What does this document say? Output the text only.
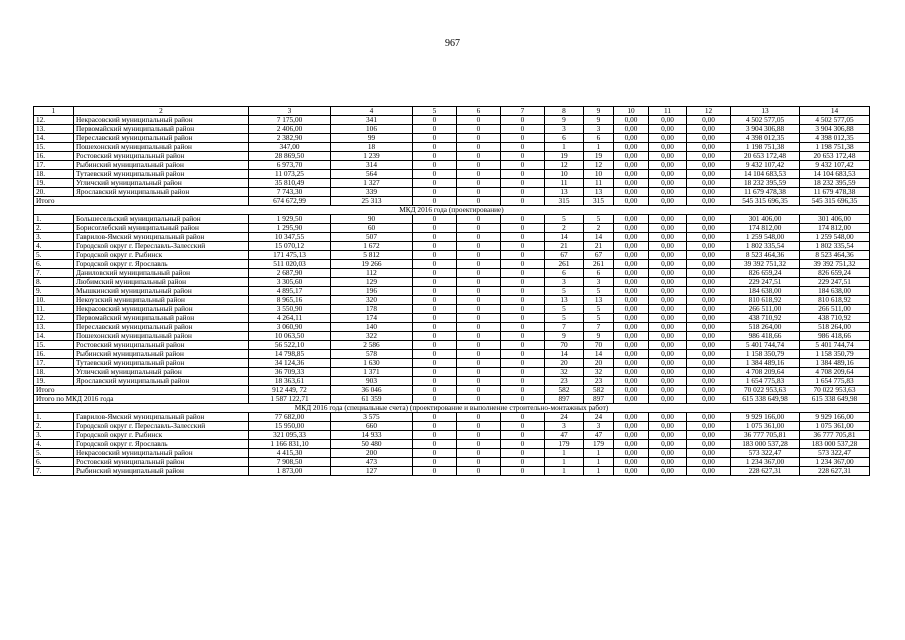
967
1	2	3	4	5	6	7	8	9	10	11	12	13	14
12.	Некрасовский муниципальный район	7 175,00	341	0	0	0	9	9	0,00	0,00	0,00	4 502 577,05	4 502 577,05
13.	Первомайский муниципальный район	2 406,00	106	0	0	0	3	3	0,00	0,00	0,00	3 904 306,88	3 904 306,88
14.	Переславский муниципальный район	2 382,90	99	0	0	0	6	6	0,00	0,00	0,00	4 398 012,35	4 398 012,35
15.	Пошехонский муниципальный район	347,00	18	0	0	0	1	1	0,00	0,00	0,00	1 198 751,38	1 198 751,38
16.	Ростовский муниципальный район	28 869,50	1 239	0	0	0	19	19	0,00	0,00	0,00	20 653 172,48	20 653 172,48
17.	Рыбинский муниципальный район	6 973,70	314	0	0	0	12	12	0,00	0,00	0,00	9 432 107,42	9 432 107,42
18.	Тутаевский муниципальный район	11 073,25	564	0	0	0	10	10	0,00	0,00	0,00	14 104 683,53	14 104 683,53
19.	Угличский муниципальный район	35 810,49	1 327	0	0	0	11	11	0,00	0,00	0,00	18 232 395,59	18 232 395,59
20.	Ярославский муниципальный район	7 743,30	339	0	0	0	13	13	0,00	0,00	0,00	11 679 478,38	11 679 478,38
Итого		674 672,99	25 313	0	0	0	315	315	0,00	0,00	0,00	545 315 696,35	545 315 696,35
МКД 2016 года (проектирование)													
1.	Большесельский муниципальный район	1 929,50	90	0	0	0	5	5	0,00	0,00	0,00	301 406,00	301 406,00
2.	Борисоглебский муниципальный район	1 295,90	60	0	0	0	2	2	0,00	0,00	0,00	174 812,00	174 812,00
3.	Гаврилов-Ямский муниципальный район	10 347,55	507	0	0	0	14	14	0,00	0,00	0,00	1 259 548,00	1 259 548,00
4.	Городской округ г. Переславль-Залесский	15 070,12	1 672	0	0	0	21	21	0,00	0,00	0,00	1 802 335,54	1 802 335,54
5.	Городской округ г. Рыбинск	171 475,13	5 812	0	0	0	67	67	0,00	0,00	0,00	8 523 464,36	8 523 464,36
6.	Городской округ г. Ярославль	511 020,03	19 266	0	0	0	261	261	0,00	0,00	0,00	39 392 751,32	39 392 751,32
7.	Даниловский муниципальный район	2 687,90	112	0	0	0	6	6	0,00	0,00	0,00	826 659,24	826 659,24
8.	Любимский муниципальный район	3 305,60	129	0	0	0	3	3	0,00	0,00	0,00	229 247,51	229 247,51
9.	Мышкинский муниципальный район	4 895,17	196	0	0	0	5	5	0,00	0,00	0,00	184 638,00	184 638,00
10.	Некоузский муниципальный район	8 965,16	320	0	0	0	13	13	0,00	0,00	0,00	810 618,92	810 618,92
11.	Некрасовский муниципальный район	3 550,90	178	0	0	0	5	5	0,00	0,00	0,00	266 511,00	266 511,00
12.	Первомайский муниципальный район	4 264,11	174	0	0	0	5	5	0,00	0,00	0,00	438 710,92	438 710,92
13.	Переславский муниципальный район	3 060,90	140	0	0	0	7	7	0,00	0,00	0,00	518 264,00	518 264,00
14.	Пошехонский муниципальный район	10 063,50	322	0	0	0	9	9	0,00	0,00	0,00	986 418,66	986 418,66
15.	Ростовский муниципальный район	56 522,10	2 586	0	0	0	70	70	0,00	0,00	0,00	5 401 744,74	5 401 744,74
16.	Рыбинский муниципальный район	14 798,85	578	0	0	0	14	14	0,00	0,00	0,00	1 158 350,79	1 158 350,79
17.	Тутаевский муниципальный район	34 124,36	1 630	0	0	0	20	20	0,00	0,00	0,00	1 384 489,16	1 384 489,16
18.	Угличский муниципальный район	36 709,33	1 371	0	0	0	32	32	0,00	0,00	0,00	4 708 209,64	4 708 209,64
19.	Ярославский муниципальный район	18 363,61	903	0	0	0	23	23	0,00	0,00	0,00	1 654 775,83	1 654 775,83
Итого		912 449, 72	36 046	0	0	0	582	582	0,00	0,00	0,00	70 022 953,63	70 022 953,63
Итого по МКД 2016 года		1 587 122,71	61 359	0	0	0	897	897	0,00	0,00	0,00	615 338 649,98	615 338 649,98
МКД 2016 года (специальные счета) (проектирование и выполнение строительно-монтажных работ)													
1.	Гаврилов-Ямский муниципальный район	77 682,00	3 575	0	0	0	24	24	0,00	0,00	0,00	9 929 166,00	9 929 166,00
2.	Городской округ г. Переславль-Залесский	15 950,00	660	0	0	0	3	3	0,00	0,00	0,00	1 075 361,00	1 075 361,00
3.	Городской округ г. Рыбинск	321 095,33	14 933	0	0	0	47	47	0,00	0,00	0,00	36 777 705,81	36 777 705,81
4.	Городской округ г. Ярославль	1 166 831,10	50 480	0	0	0	179	179	0,00	0,00	0,00	183 000 537,28	183 000 537,28
5.	Некрасовский муниципальный район	4 415,30	200	0	0	0	1	1	0,00	0,00	0,00	573 322,47	573 322,47
6.	Ростовский муниципальный район	7 908,50	473	0	0	0	1	1	0,00	0,00	0,00	1 234 367,00	1 234 367,00
7.	Рыбинский муниципальный район	1 873,00	127	0	0	0	1	1	0,00	0,00	0,00	228 627,31	228 627,31
